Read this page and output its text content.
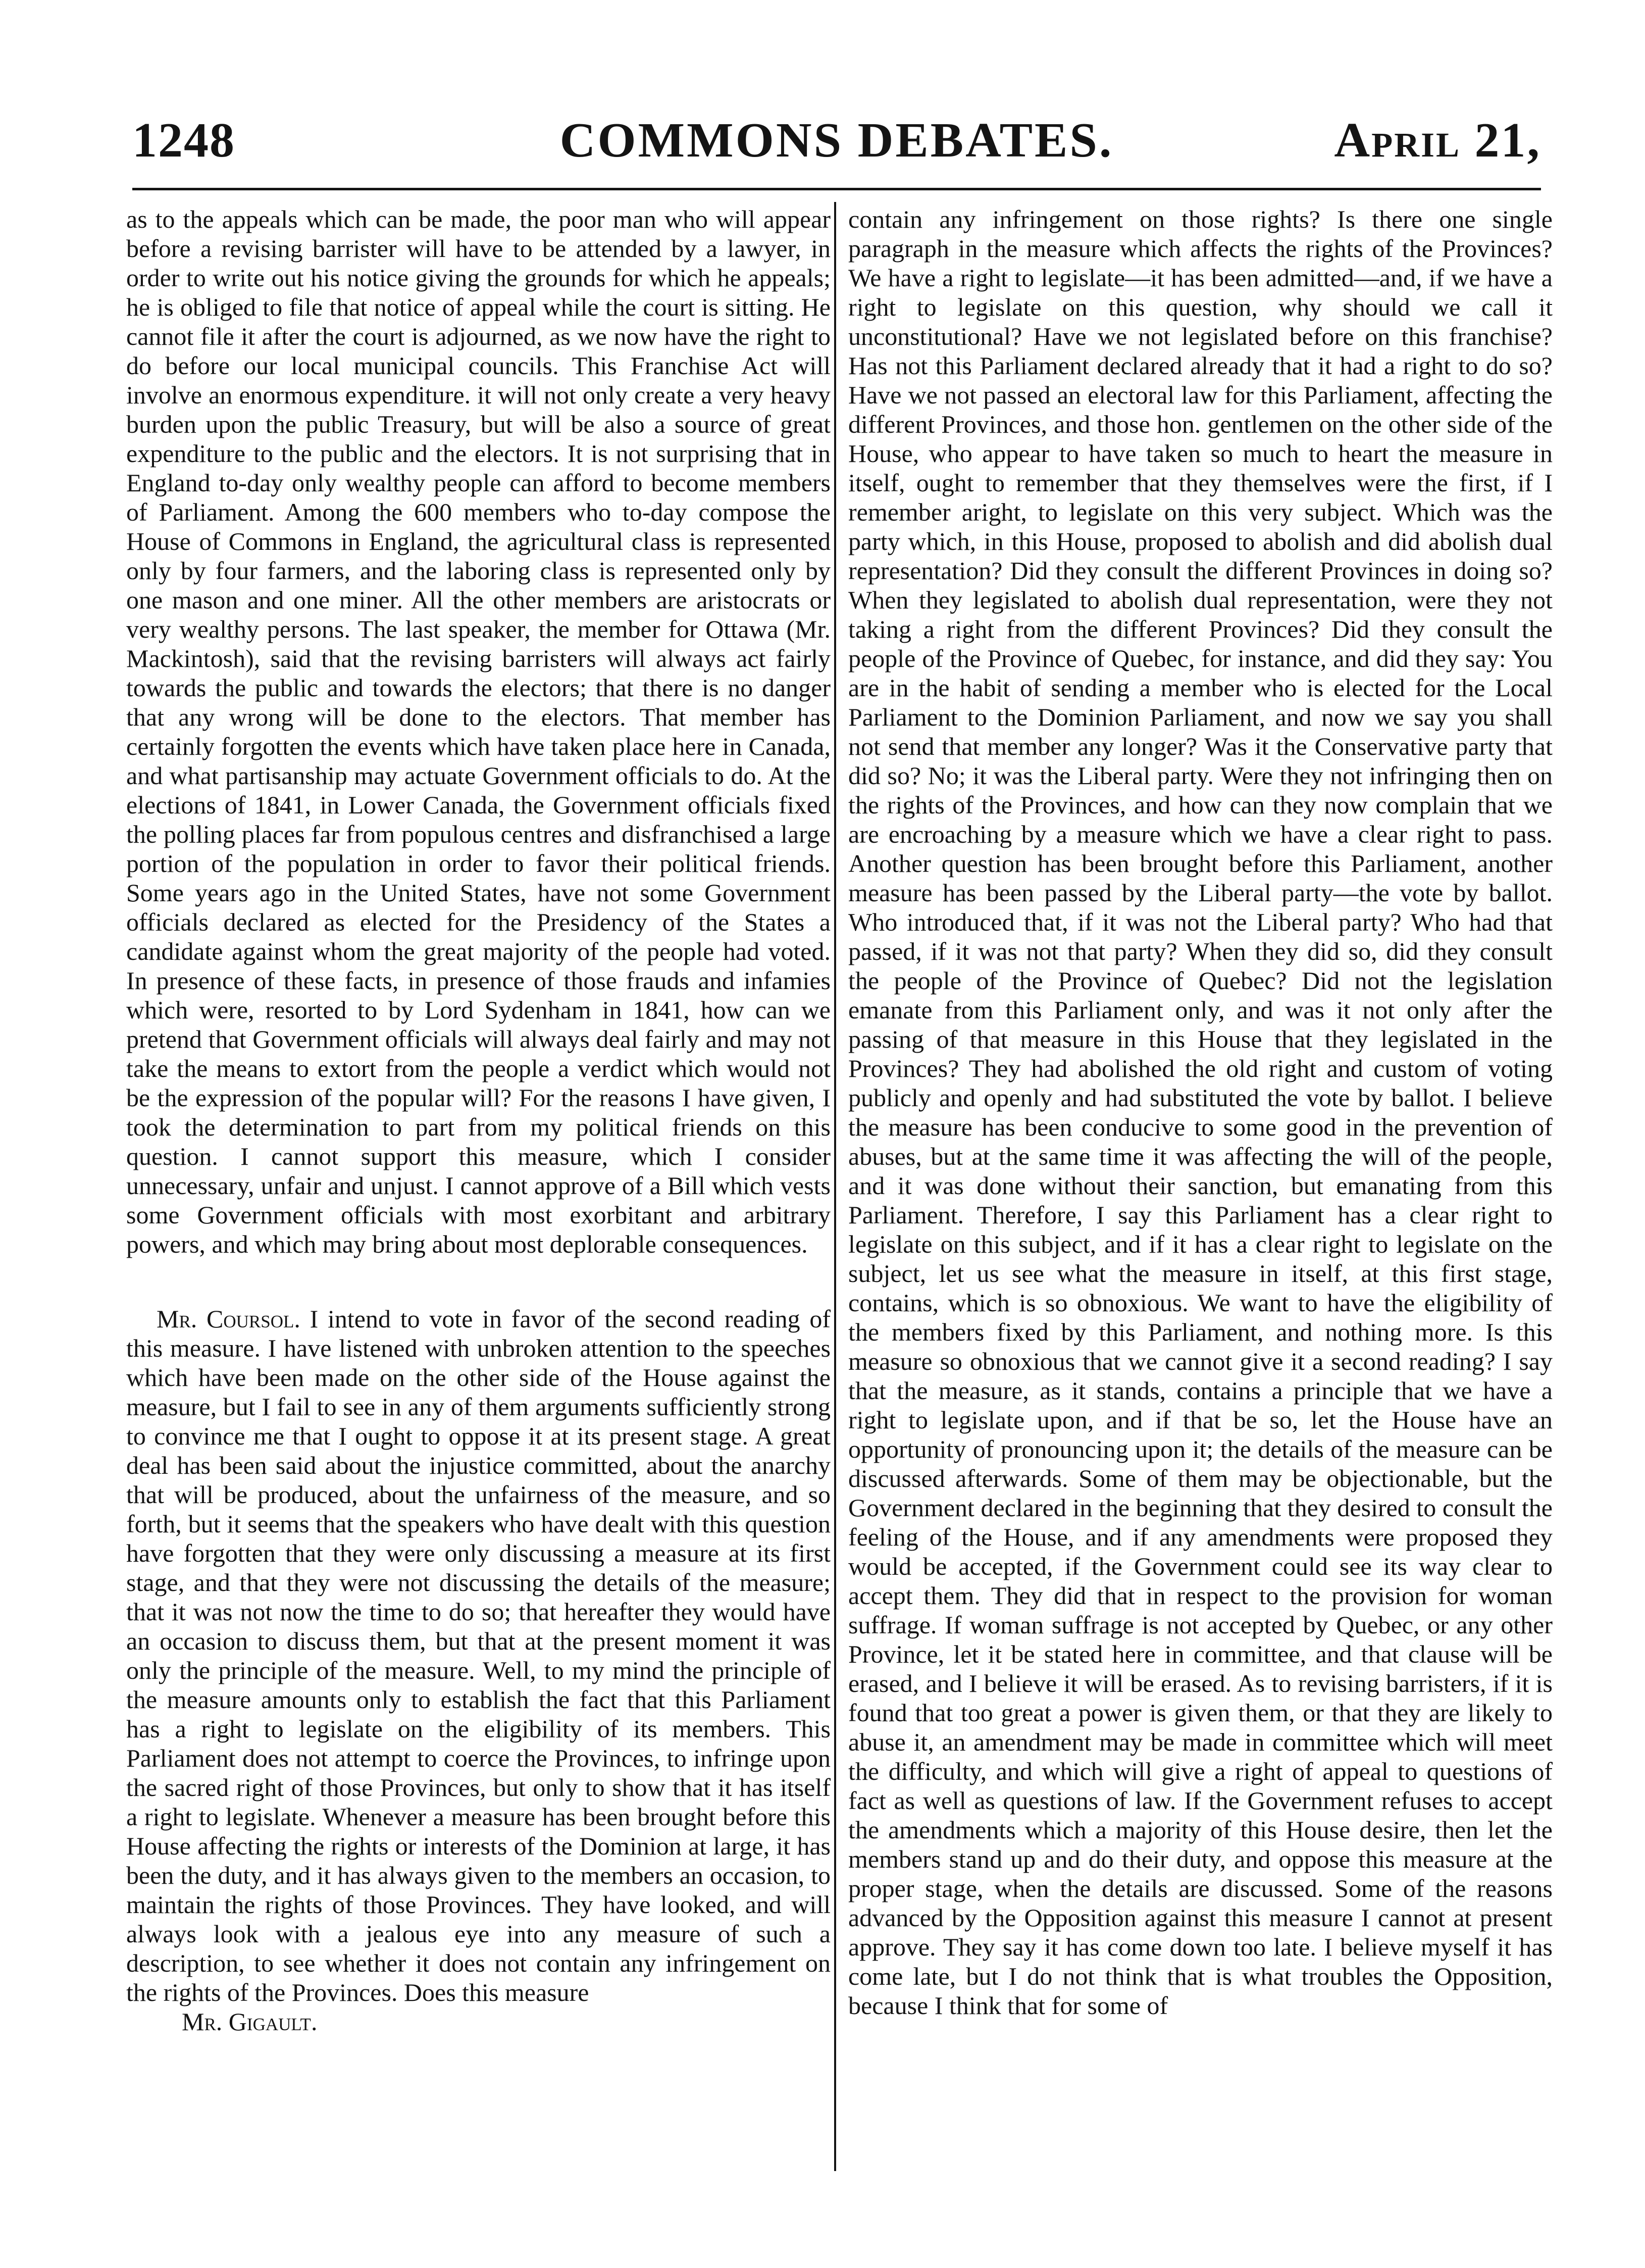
1248	COMMONS DEBATES.	April 21,

as to the appeals which can be made, the poor man who will appear before a revising barrister will have to be attended by a lawyer, in order to write out his notice giving the grounds for which he appeals; he is obliged to file that notice of appeal while the court is sitting. He cannot file it after the court is adjourned, as we now have the right to do before our local municipal councils. This Franchise Act will involve an enormous expenditure. it will not only create a very heavy burden upon the public Treasury, but will be also a source of great expenditure to the public and the electors. It is not surprising that in England to-day only wealthy people can afford to become members of Parliament. Among the 600 members who to-day compose the House of Commons in England, the agricultural class is represented only by four farmers, and the laboring class is represented only by one mason and one miner. All the other members are aristocrats or very wealthy persons. The last speaker, the member for Ottawa (Mr. Mackintosh), said that the revising barristers will always act fairly towards the public and towards the electors; that there is no danger that any wrong will be done to the electors. That member has certainly forgotten the events which have taken place here in Canada, and what partisanship may actuate Government officials to do. At the elections of 1841, in Lower Canada, the Government officials fixed the polling places far from populous centres and disfranchised a large portion of the population in order to favor their political friends. Some years ago in the United States, have not some Government officials declared as elected for the Presidency of the States a candidate against whom the great majority of the people had voted. In presence of these facts, in presence of those frauds and infamies which were, resorted to by Lord Sydenham in 1841, how can we pretend that Government officials will always deal fairly and may not take the means to extort from the people a verdict which would not be the expression of the popular will? For the reasons I have given, I took the determination to part from my political friends on this question. I cannot support this measure, which I consider unnecessary, unfair and unjust. I cannot approve of a Bill which vests some Government officials with most exorbitant and arbitrary powers, and which may bring about most deplorable consequences.

Mr. Coursol. I intend to vote in favor of the second reading of this measure. I have listened with unbroken attention to the speeches which have been made on the other side of the House against the measure, but I fail to see in any of them arguments sufficiently strong to convince me that I ought to oppose it at its present stage. A great deal has been said about the injustice committed, about the anarchy that will be produced, about the unfairness of the measure, and so forth, but it seems that the speakers who have dealt with this question have forgotten that they were only discussing a measure at its first stage, and that they were not discussing the details of the measure; that it was not now the time to do so; that hereafter they would have an occasion to discuss them, but that at the present moment it was only the principle of the measure. Well, to my mind the principle of the measure amounts only to establish the fact that this Parliament has a right to legislate on the eligibility of its members. This Parliament does not attempt to coerce the Provinces, to infringe upon the sacred right of those Provinces, but only to show that it has itself a right to legislate. Whenever a measure has been brought before this House affecting the rights or interests of the Dominion at large, it has been the duty, and it has always given to the members an occasion, to maintain the rights of those Provinces. They have looked, and will always look with a jealous eye into any measure of such a description, to see whether it does not contain any infringement on the rights of the Provinces. Does this measure

Mr. Gigault.

contain any infringement on those rights? Is there one single paragraph in the measure which affects the rights of the Provinces? We have a right to legislate—it has been admitted—and, if we have a right to legislate on this question, why should we call it unconstitutional? Have we not legislated before on this franchise? Has not this Parliament declared already that it had a right to do so? Have we not passed an electoral law for this Parliament, affecting the different Provinces, and those hon. gentlemen on the other side of the House, who appear to have taken so much to heart the measure in itself, ought to remember that they themselves were the first, if I remember aright, to legislate on this very subject. Which was the party which, in this House, proposed to abolish and did abolish dual representation? Did they consult the different Provinces in doing so? When they legislated to abolish dual representation, were they not taking a right from the different Provinces? Did they consult the people of the Province of Quebec, for instance, and did they say: You are in the habit of sending a member who is elected for the Local Parliament to the Dominion Parliament, and now we say you shall not send that member any longer? Was it the Conservative party that did so? No; it was the Liberal party. Were they not infringing then on the rights of the Provinces, and how can they now complain that we are encroaching by a measure which we have a clear right to pass. Another question has been brought before this Parliament, another measure has been passed by the Liberal party—the vote by ballot. Who introduced that, if it was not the Liberal party? Who had that passed, if it was not that party? When they did so, did they consult the people of the Province of Quebec? Did not the legislation emanate from this Parliament only, and was it not only after the passing of that measure in this House that they legislated in the Provinces? They had abolished the old right and custom of voting publicly and openly and had substituted the vote by ballot. I believe the measure has been conducive to some good in the prevention of abuses, but at the same time it was affecting the will of the people, and it was done without their sanction, but emanating from this Parliament. Therefore, I say this Parliament has a clear right to legislate on this subject, and if it has a clear right to legislate on the subject, let us see what the measure in itself, at this first stage, contains, which is so obnoxious. We want to have the eligibility of the members fixed by this Parliament, and nothing more. Is this measure so obnoxious that we cannot give it a second reading? I say that the measure, as it stands, contains a principle that we have a right to legislate upon, and if that be so, let the House have an opportunity of pronouncing upon it; the details of the measure can be discussed afterwards. Some of them may be objectionable, but the Government declared in the beginning that they desired to consult the feeling of the House, and if any amendments were proposed they would be accepted, if the Government could see its way clear to accept them. They did that in respect to the provision for woman suffrage. If woman suffrage is not accepted by Quebec, or any other Province, let it be stated here in committee, and that clause will be erased, and I believe it will be erased. As to revising barristers, if it is found that too great a power is given them, or that they are likely to abuse it, an amendment may be made in committee which will meet the difficulty, and which will give a right of appeal to questions of fact as well as questions of law. If the Government refuses to accept the amendments which a majority of this House desire, then let the members stand up and do their duty, and oppose this measure at the proper stage, when the details are discussed. Some of the reasons advanced by the Opposition against this measure I cannot at present approve. They say it has come down too late. I believe myself it has come late, but I do not think that is what troubles the Opposition, because I think that for some of
